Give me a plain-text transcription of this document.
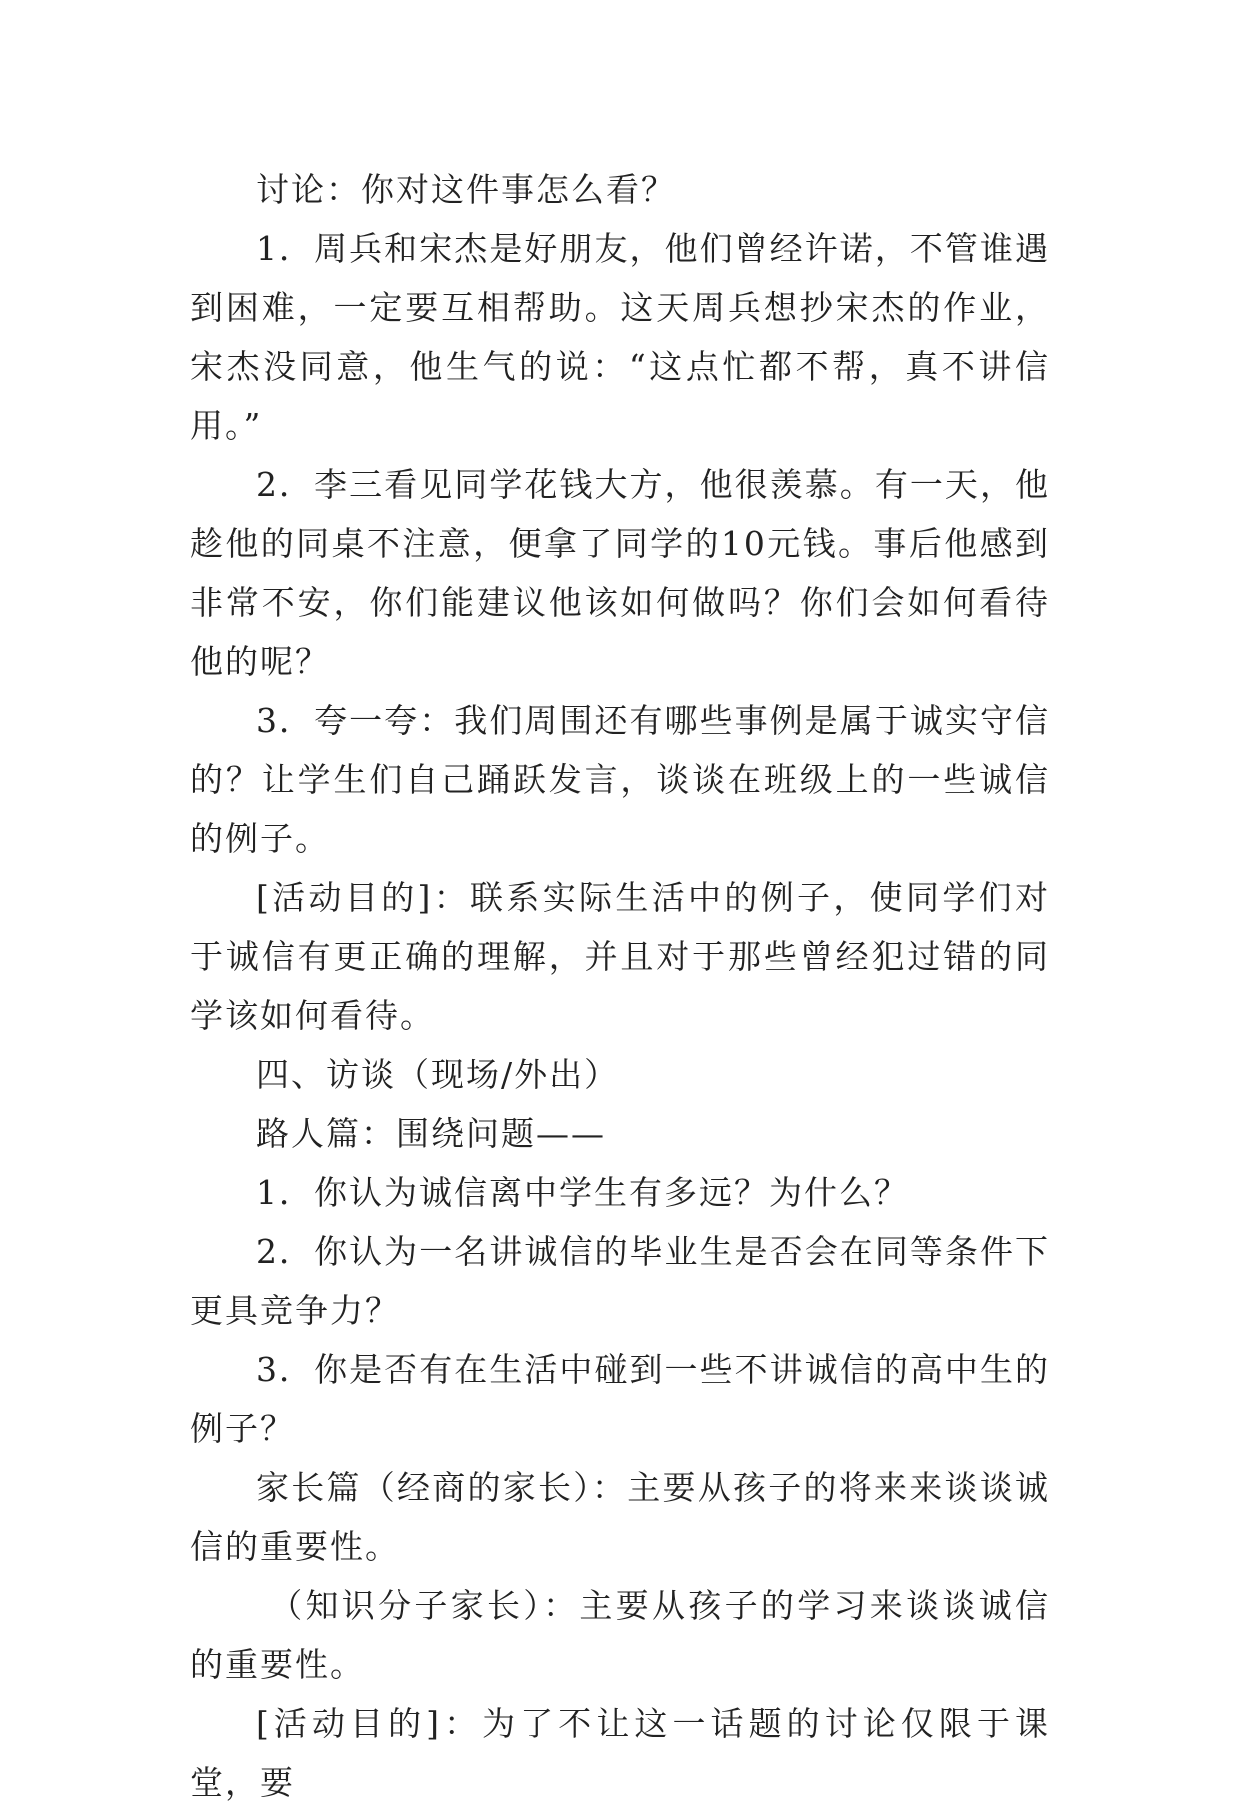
讨论：你对这件事怎么看？

1．周兵和宋杰是好朋友，他们曾经许诺，不管谁遇到困难，一定要互相帮助。这天周兵想抄宋杰的作业，宋杰没同意，他生气的说：“这点忙都不帮，真不讲信用。”

2．李三看见同学花钱大方，他很羡慕。有一天，他趁他的同桌不注意，便拿了同学的10元钱。事后他感到非常不安，你们能建议他该如何做吗？你们会如何看待他的呢？

3．夸一夸：我们周围还有哪些事例是属于诚实守信的？让学生们自己踊跃发言，谈谈在班级上的一些诚信的例子。

[活动目的]：联系实际生活中的例子，使同学们对于诚信有更正确的理解，并且对于那些曾经犯过错的同学该如何看待。

四、访谈（现场/外出）

路人篇：围绕问题——

1．你认为诚信离中学生有多远？为什么？

2．你认为一名讲诚信的毕业生是否会在同等条件下更具竞争力？

3．你是否有在生活中碰到一些不讲诚信的高中生的例子？

家长篇（经商的家长）：主要从孩子的将来来谈谈诚信的重要性。

（知识分子家长）：主要从孩子的学习来谈谈诚信的重要性。

[活动目的]：为了不让这一话题的讨论仅限于课堂，要
